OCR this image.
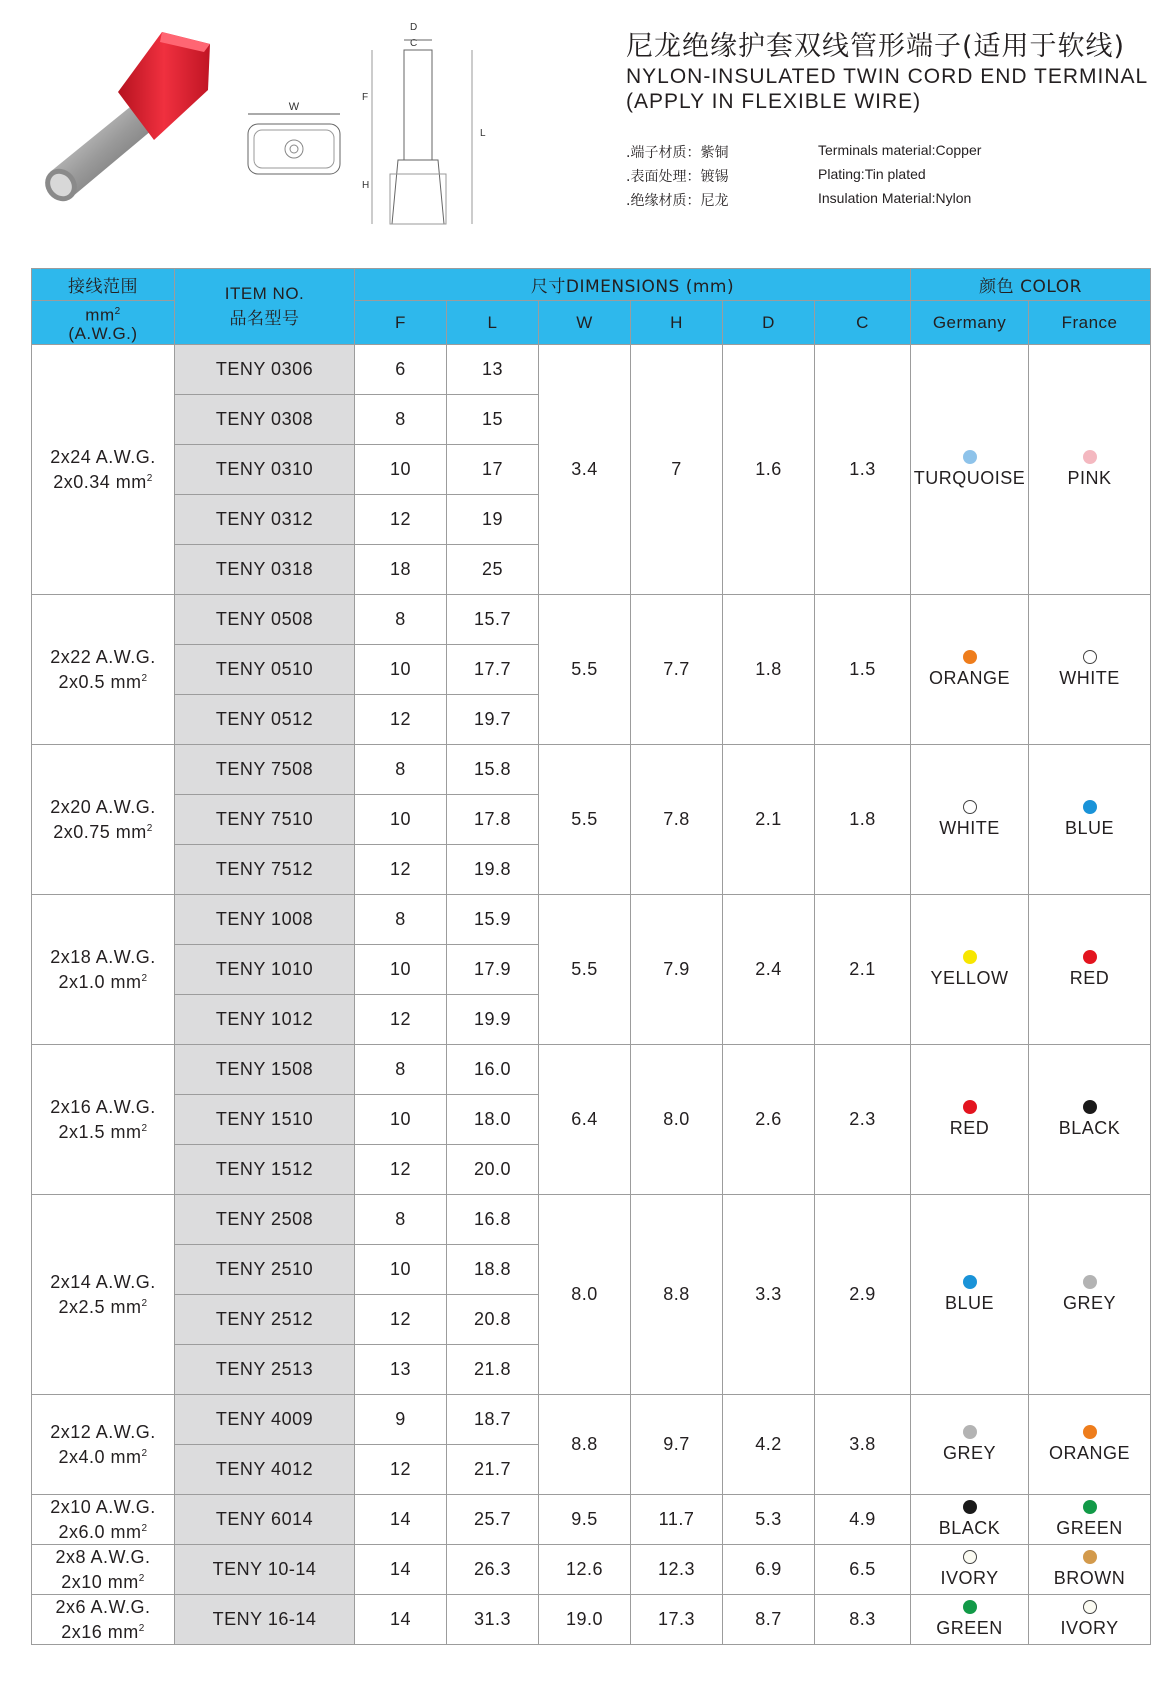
W
D
C
F
H
L
尼龙绝缘护套双线管形端子(适用于软线)
NYLON-INSULATED TWIN CORD END TERMINAL
(APPLY IN FLEXIBLE WIRE)
.端子材质：紫铜	Terminals material:Copper
.表面处理：镀锡	Plating:Tin plated
.绝缘材质：尼龙	Insulation Material:Nylon
接线范围	ITEM NO.
品名型号	尺寸DIMENSIONS (mm)						颜色 COLOR	
$mm^2$
(A.W.G.)		F	L	W	H	D	C	Germany	France
2x24 A.W.G.
2x0.34 $mm^2$	TENY 0306	6	13	3.4	7	1.6	1.3	TURQUOISE	PINK

	TENY 0308	8	15						
	TENY 0310	10	17						
	TENY 0312	12	19						
	TENY 0318	18	25						
2x22 A.W.G.
2x0.5 $mm^2$	TENY 0508	8	15.7	5.5	7.7	1.8	1.5	ORANGE	WHITE

	TENY 0510	10	17.7						
	TENY 0512	12	19.7						
2x20 A.W.G.
2x0.75 $mm^2$	TENY 7508	8	15.8	5.5	7.8	2.1	1.8	WHITE	BLUE

	TENY 7510	10	17.8						
	TENY 7512	12	19.8						
2x18 A.W.G.
2x1.0 $mm^2$	TENY 1008	8	15.9	5.5	7.9	2.4	2.1	YELLOW	RED

	TENY 1010	10	17.9						
	TENY 1012	12	19.9						
2x16 A.W.G.
2x1.5 $mm^2$	TENY 1508	8	16.0	6.4	8.0	2.6	2.3	RED	BLACK

	TENY 1510	10	18.0						
	TENY 1512	12	20.0						
2x14 A.W.G.
2x2.5 $mm^2$	TENY 2508	8	16.8	8.0	8.8	3.3	2.9	BLUE	GREY

	TENY 2510	10	18.8						
	TENY 2512	12	20.8						
	TENY 2513	13	21.8						
2x12 A.W.G.
2x4.0 $mm^2$	TENY 4009	9	18.7	8.8	9.7	4.2	3.8	GREY	ORANGE

	TENY 4012	12	21.7						
2x10 A.W.G.
2x6.0 $mm^2$	TENY 6014	14	25.7	9.5	11.7	5.3	4.9	BLACK	GREEN

2x8 A.W.G.
2x10 $mm^2$	TENY 10-14	14	26.3	12.6	12.3	6.9	6.5	IVORY	BROWN

2x6 A.W.G.
2x16 $mm^2$	TENY 16-14	14	31.3	19.0	17.3	8.7	8.3	GREEN	IVORY
